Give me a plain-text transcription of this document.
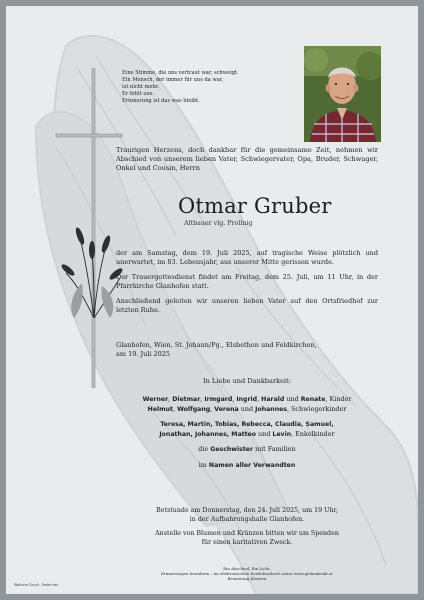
Eine Stimme, die uns vertraut war, schweigt.
Ein Mensch, der immer für uns da war,
ist nicht mehr.
Er fehlt uns.
Erinnerung ist das was bleibt.
Traurigen Herzens, doch dankbar für die gemeinsame Zeit, nehmen wir Abschied von unserem lieben Vater, Schwiegervater, Opa, Bruder, Schwager, Onkel und Cousin, Herrn
Otmar Gruber
Altbauer vlg. Prollnig

der am Samstag, dem 19. Juli 2025, auf tragische Weise plötzlich und unerwartet, im 83. Lebensjahr, aus unserer Mitte gerissen wurde.

Der Trauergottesdienst findet am Freitag, dem 25. Juli, um 11 Uhr, in der Pfarrkirche Glanhofen statt.

Anschließend geleiten wir unseren lieben Vater auf den Ortsfriedhof zur letzten Ruhe.

Glanhofen, Wien, St. Johann/Pg., Elsbethen und Feldkirchen,
am 19. Juli 2025
In Liebe und Dankbarkeit:
Werner, Dietmar, Irmgard, Ingrid, Harald und Renate, Kinder
Helmut, Wolfgang, Verena und Johannes, Schwiegerkinder
Teresa, Martin, Tobias, Rebecca, Claudia, Samuel,
Jonathan, Johannes, Matteo und Levin, Enkelkinder
die Geschwister mit Familien
im Namen aller Verwandten
Betstunde am Donnerstag, den 24. Juli 2025, um 19 Uhr,
in der Aufbahrungshalle Glanhofen.
Anstelle von Blumen und Kränzen bitten wir um Spenden
für einen karitativen Zweck.
Ein Abschied. Ein Licht.
Erinnerungen bewahren – im elektronischen Kondolenzbuch unter www.gedenkenkt.at
Bestattung Kärnten
Wallerie Druck, Paderiner
